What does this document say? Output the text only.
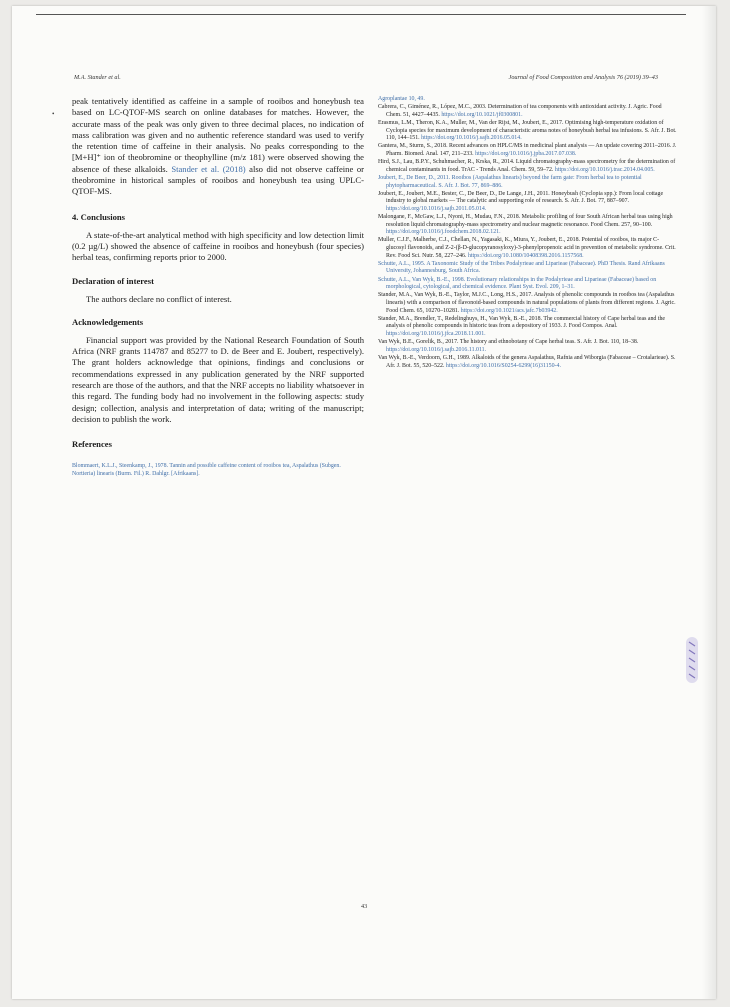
M.A. Stander et al.	Journal of Food Composition and Analysis 76 (2019) 39–43
•

peak tentatively identified as caffeine in a sample of rooibos and honeybush tea based on LC-QTOF-MS search on online databases for matches. However, the accurate mass of the peak was only given to three decimal places, no indication of mass calibration was given and no authentic reference standard was used to verify the retention time of caffeine in their analysis. No peaks corresponding to the [M+H]⁺ ion of theobromine or theophylline (m/z 181) were observed showing the absence of these alkaloids. Stander et al. (2018) also did not observe caffeine or theobromine in historical samples of rooibos and honeybush tea using UPLC-QTOF-MS.

4. Conclusions

A state-of-the-art analytical method with high specificity and low detection limit (0.2 µg/L) showed the absence of caffeine in rooibos and honeybush (four species) herbal teas, confirming reports prior to 2000.

Declaration of interest

The authors declare no conflict of interest.

Acknowledgements

Financial support was provided by the National Research Foundation of South Africa (NRF grants 114787 and 85277 to D. de Beer and E. Joubert, respectively). The grant holders acknowledge that opinions, findings and conclusions or recommendations expressed in any publication generated by the NRF supported research are those of the authors, and that the NRF accepts no liability whatsoever in this regard. The funding body had no involvement in the following aspects: study design; collection, analysis and interpretation of data; writing of the manuscript; decision to publish the work.

References
Blommaert, K.L.J., Steenkamp, J., 1978. Tannin and possible caffeine content of rooibos tea, Aspalathus (Subgen. Nortieria) linearis (Burm. Fil.) R. Dahlgr. [Afrikaans].

Agroplantae 10, 49.

Cabrera, C., Giménez, R., López, M.C., 2003. Determination of tea components with antioxidant activity. J. Agric. Food Chem. 51, 4427–4435. https://doi.org/10.1021/jf0300801.

Erasmus, L.M., Theron, K.A., Muller, M., Van der Rijst, M., Joubert, E., 2017. Optimising high-temperature oxidation of Cyclopia species for maximum development of characteristic aroma notes of honeybush herbal tea infusions. S. Afr. J. Bot. 110, 144–151. https://doi.org/10.1016/j.sajb.2016.05.014.

Gantera, M., Sturm, S., 2018. Recent advances on HPLC/MS in medicinal plant analysis — An update covering 2011–2016. J. Pharm. Biomed. Anal. 147, 211–233. https://doi.org/10.1016/j.jpba.2017.07.038.

Hird, S.J., Lau, B.P.Y., Schuhmacher, R., Krska, R., 2014. Liquid chromatography-mass spectrometry for the determination of chemical contaminants in food. TrAC - Trends Anal. Chem. 59, 59–72. https://doi.org/10.1016/j.trac.2014.04.005.

Joubert, E., De Beer, D., 2011. Rooibos (Aspalathus linearis) beyond the farm gate: From herbal tea to potential phytopharmaceutical. S. Afr. J. Bot. 77, 869–886.

Joubert, E., Joubert, M.E., Bester, C., De Beer, D., De Lange, J.H., 2011. Honeybush (Cyclopia spp.): From local cottage industry to global markets — The catalytic and supporting role of research. S. Afr. J. Bot. 77, 887–907. https://doi.org/10.1016/j.sajb.2011.05.014.

Malongane, F., McGaw, L.J., Nyoni, H., Mudau, F.N., 2018. Metabolic profiling of four South African herbal teas using high resolution liquid chromatography-mass spectrometry and nuclear magnetic resonance. Food Chem. 257, 90–100. https://doi.org/10.1016/j.foodchem.2018.02.121.

Muller, C.J.F., Malherbe, C.J., Chellan, N., Yagasaki, K., Miura, Y., Joubert, E., 2018. Potential of rooibos, its major C-glucosyl flavonoids, and Z-2-(β-D-glucopyranosyloxy)-3-phenylpropenoic acid in prevention of metabolic syndrome. Crit. Rev. Food Sci. Nutr. 58, 227–246. https://doi.org/10.1080/10408398.2016.1157568.

Schutte, A.L., 1995. A Taxonomic Study of the Tribes Podalyrieae and Liparieae (Fabaceae). PhD Thesis. Rand Afrikaans University, Johannesburg, South Africa.

Schutte, A.L., Van Wyk, B.-E., 1998. Evolutionary relationships in the Podalyrieae and Liparieae (Fabaceae) based on morphological, cytological, and chemical evidence. Plant Syst. Evol. 209, 1–31.

Stander, M.A., Van Wyk, B.-E., Taylor, M.J.C., Long, H.S., 2017. Analysis of phenolic compounds in rooibos tea (Aspalathus linearis) with a comparison of flavonoid-based compounds in natural populations of plants from different regions. J. Agric. Food Chem. 65, 10270–10281. https://doi.org/10.1021/acs.jafc.7b03942.

Stander, M.A., Brendler, T., Redelinghuys, H., Van Wyk, B.-E., 2018. The commercial history of Cape herbal teas and the analysis of phenolic compounds in historic teas from a depository of 1933. J. Food Compos. Anal. https://doi.org/10.1016/j.jfca.2018.11.001.

Van Wyk, B.E., Gorelik, B., 2017. The history and ethnobotany of Cape herbal teas. S. Afr. J. Bot. 110, 18–38. https://doi.org/10.1016/j.sajb.2016.11.011.

Van Wyk, B.-E., Verdoorn, G.H., 1989. Alkaloids of the genera Aspalathus, Rafnia and Wiborgia (Fabaceae – Crotalarieae). S. Afr. J. Bot. 55, 520–522. https://doi.org/10.1016/S0254-6299(16)31150-4.

43
